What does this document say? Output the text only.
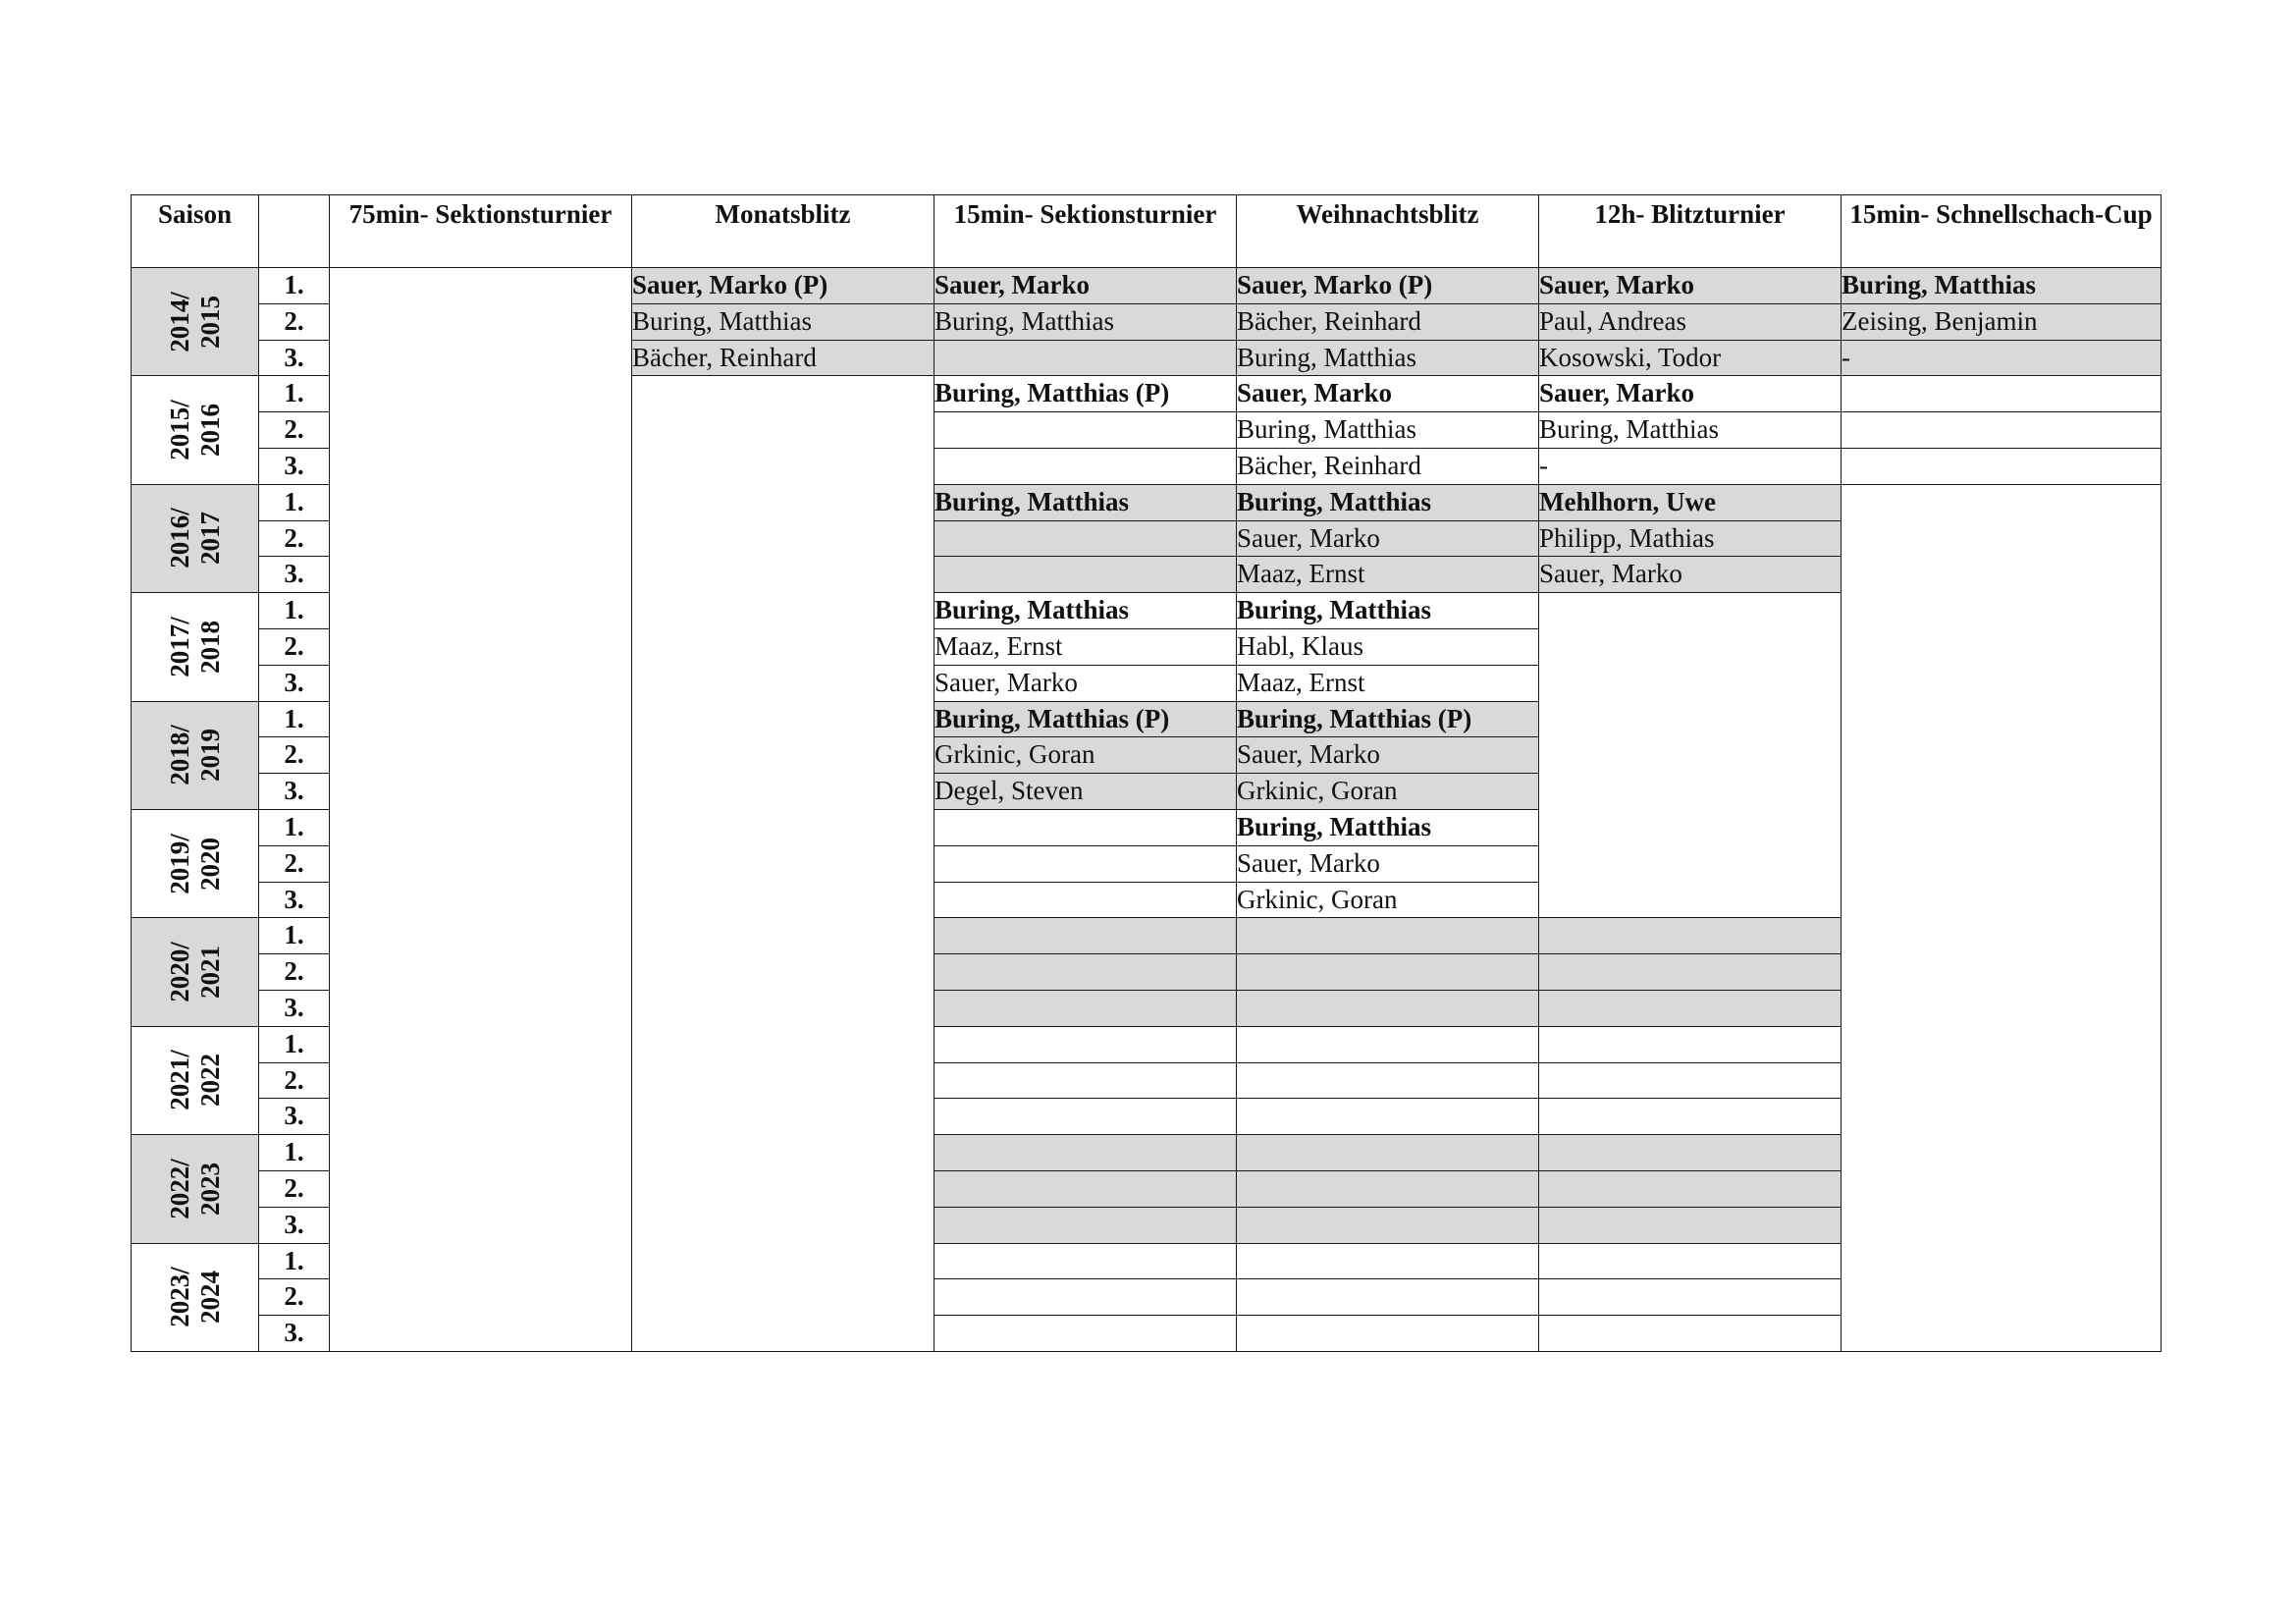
Saison		75min- Sektionsturnier	Monatsblitz	15min- Sektionsturnier	Weihnachtsblitz	12h- Blitzturnier	15min- Schnellschach-Cup

2014/
2015	1.		Sauer, Marko (P)	Sauer, Marko	Sauer, Marko (P)	Sauer, Marko	Buring, Matthias
	2.		Buring, Matthias	Buring, Matthias	Bächer, Reinhard	Paul, Andreas	Zeising, Benjamin
	3.		Bächer, Reinhard		Buring, Matthias	Kosowski, Todor	-

2015/
2016	1.			Buring, Matthias (P)	Sauer, Marko	Sauer, Marko	
	2.				Buring, Matthias	Buring, Matthias	
	3.				Bächer, Reinhard	-	

2016/
2017	1.			Buring, Matthias	Buring, Matthias	Mehlhorn, Uwe	
	2.				Sauer, Marko	Philipp, Mathias	
	3.				Maaz, Ernst	Sauer, Marko	

2017/
2018	1.			Buring, Matthias	Buring, Matthias		
	2.			Maaz, Ernst	Habl, Klaus		
	3.			Sauer, Marko	Maaz, Ernst		

2018/
2019	1.			Buring, Matthias (P)	Buring, Matthias (P)		
	2.			Grkinic, Goran	Sauer, Marko		
	3.			Degel, Steven	Grkinic, Goran		

2019/
2020	1.				Buring, Matthias		
	2.				Sauer, Marko		
	3.				Grkinic, Goran		

2020/
2021	1.						
	2.						
	3.						

2021/
2022	1.						
	2.						
	3.						

2022/
2023	1.						
	2.						
	3.						

2023/
2024	1.						
	2.						
	3.						
